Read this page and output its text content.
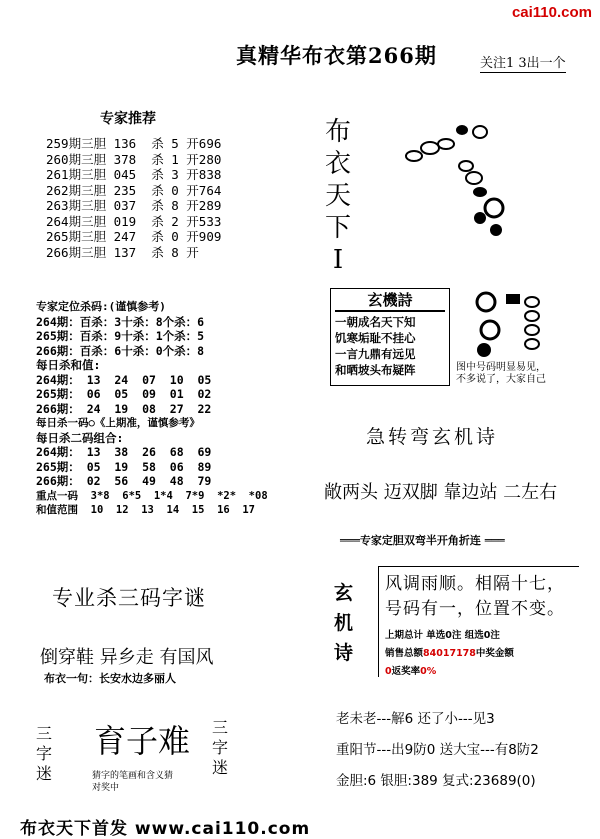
cai110.com
真精华布衣第266期	关注1 3出一个
专家推荐
259期三胆 136  杀 5 开696
260期三胆 378  杀 1 开280
261期三胆 045  杀 3 开838
262期三胆 235  杀 0 开764
263期三胆 037  杀 8 开289
264期三胆 019  杀 2 开533
265期三胆 247  杀 0 开909
266期三胆 137  杀 8 开
布
衣
天
下
I
专家定位杀码:(谨慎参考)
264期：百杀：3十杀：8个杀：6
265期：百杀：9十杀：1个杀：5
266期：百杀：6十杀：0个杀：8
每日杀和值:
264期： 13  24  07  10  05
265期： 06  05  09  01  02
266期： 24  19  08  27  22
每日杀一码○《上期准，谨慎参考》
每日杀二码组合:
264期： 13  38  26  68  69
265期： 05  19  58  06  89
266期： 02  56  49  48  79
重点一码  3*8  6*5  1*4  7*9  *2*  *08
和值范围  10  12  13  14  15  16  17
玄機詩
一朝成名天下知
饥寒垢耻不挂心
一言九鼎有远见
和晒坡头布疑阵	图中号码明显易见，
不多说了，大家自己
急转弯玄机诗
敞两头 迈双脚 靠边站 二左右
专业杀三码字谜
倒穿鞋 异乡走 有国风
布衣一句：长安水边多丽人
三
字
迷
育子难 三
字
迷
猜字的笔画和含义猜
对奖中
═══专家定胆双弯半开角折连 ═══
玄
机
诗
风调雨顺。相隔十七，
号码有一，位置不变。
上期总计 单选0注 组选0注
销售总额84017178中奖金额
0返奖率0%
老未老---解6 还了小---见3
重阳节---出9防0 送大宝---有8防2
金胆:6 银胆:389 复式:23689(0)
布衣天下首发 www.cai110.com
